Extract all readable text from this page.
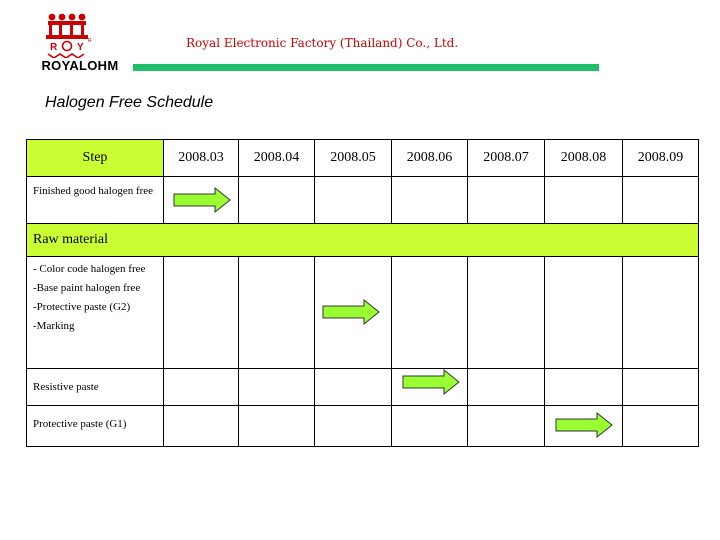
R Y
R
ROYALOHM
Royal Electronic Factory (Thailand) Co., Ltd.
Halogen Free Schedule
Step	2008.03	2008.04	2008.05	2008.06	2008.07	2008.08	2008.09

Finished good halogen free

Raw material							

- Color code halogen free
-Base paint halogen free
-Protective paste (G2)
-Marking

Resistive paste

Protective paste (G1)
